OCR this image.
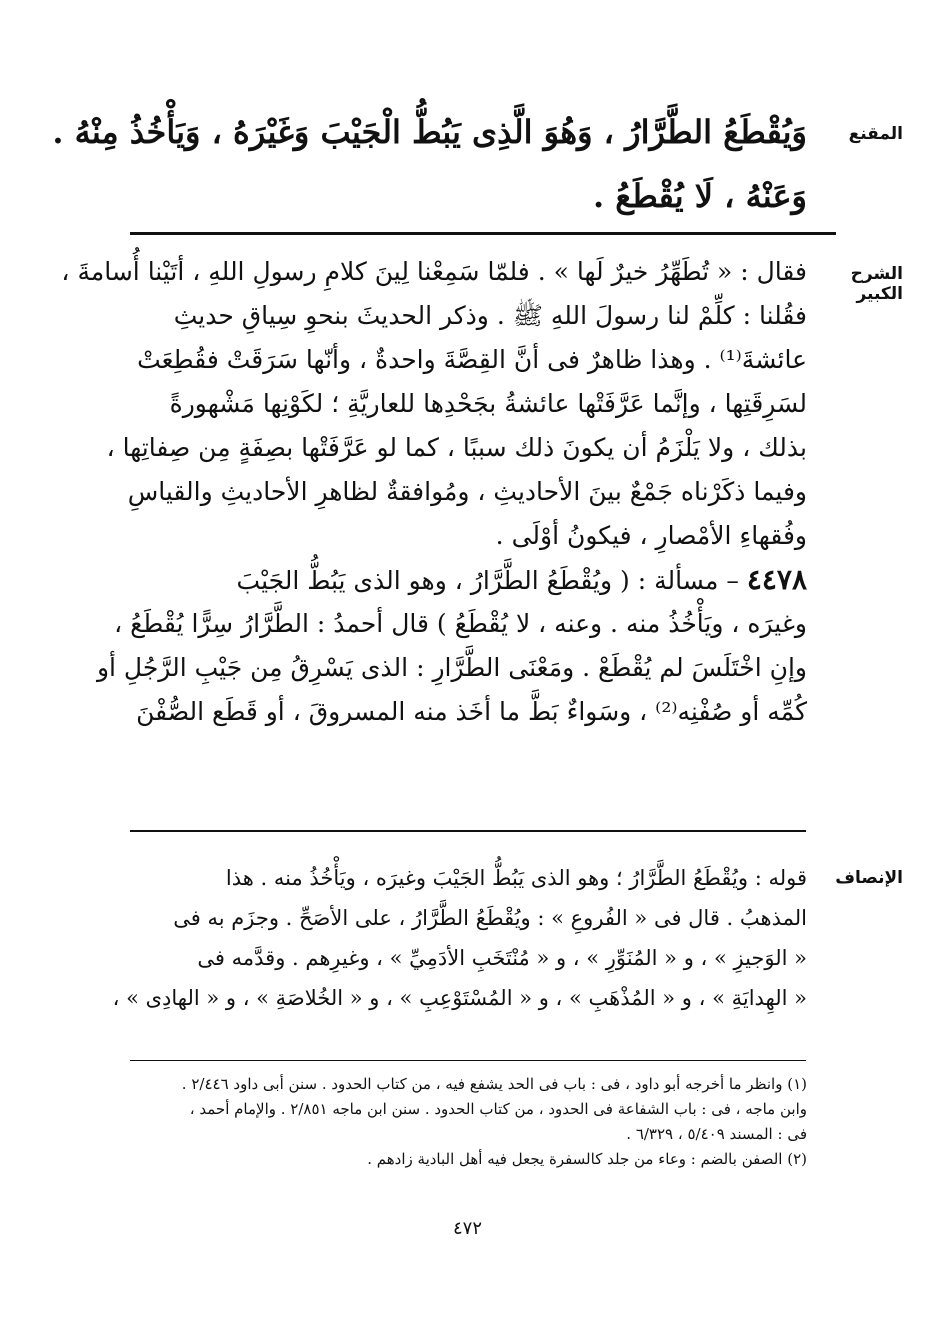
المقنع
وَيُقْطَعُ الطَّرَّارُ ، وَهُوَ الَّذِى يَبُطُّ الْجَيْبَ وَغَيْرَهُ ، وَيَأْخُذُ مِنْهُ .
وَعَنْهُ ، لَا يُقْطَعُ .
الشرح الكبير
فقال : « تُطَهِّرُ خيرٌ لَها » . فلمّا سَمِعْنا لِينَ كلامِ رسولِ اللهِ ، أتَيْنا أُسامةَ ،
فقُلنا : كلِّمْ لنا رسولَ اللهِ ﷺ . وذكر الحديثَ بنحوِ سِياقِ حديثِ
عائشةَ⁽¹⁾ . وهذا ظاهرٌ فى أنَّ القِصَّةَ واحدةٌ ، وأنّها سَرَقَتْ فقُطِعَتْ
لسَرِقَتِها ، وإنَّما عَرَّفَتْها عائشةُ بجَحْدِها للعاريَّةِ ؛ لكَوْنِها مَشْهورةً
بذلك ، ولا يَلْزَمُ أن يكونَ ذلك سببًا ، كما لو عَرَّفَتْها بصِفَةٍ مِن صِفاتِها ،
وفيما ذكَرْناه جَمْعٌ بينَ الأحاديثِ ، ومُوافقةٌ لظاهرِ الأحاديثِ والقياسِ
وفُقهاءِ الأمْصارِ ، فيكونُ أوْلَى .
٤٤٧٨ – مسألة : ( ويُقْطَعُ الطَّرَّارُ ، وهو الذى يَبُطُّ الجَيْبَ
وغيرَه ، ويَأْخُذُ منه . وعنه ، لا يُقْطَعُ ) قال أحمدُ : الطَّرَّارُ سِرًّا يُقْطَعُ ،
وإنِ اخْتَلَسَ لم يُقْطَعْ . ومَعْنَى الطَّرَّارِ : الذى يَسْرِقُ مِن جَيْبِ الرَّجُلِ أو
كُمِّه أو صُفْنِه⁽²⁾ ، وسَواءٌ بَطَّ ما أخَذ منه المسروقَ ، أو قَطَع الصُّفْنَ
الإنصاف
قوله : ويُقْطَعُ الطَّرَّارُ ؛ وهو الذى يَبُطُّ الجَيْبَ وغيرَه ، ويَأْخُذُ منه . هذا
المذهبُ . قال فى « الفُروعِ » : ويُقْطَعُ الطَّرَّارُ ، على الأصَحِّ . وجزَم به فى
« الوَجيزِ » ، و « المُنَوِّرِ » ، و « مُنْتَخَبِ الأدَمِيِّ » ، وغيرِهم . وقدَّمه فى
« الهِدايَةِ » ، و « المُذْهَبِ » ، و « المُسْتَوْعِبِ » ، و « الخُلاصَةِ » ، و « الهادِى » ،
(١) وانظر ما أخرجه أبو داود ، فى : باب فى الحد يشفع فيه ، من كتاب الحدود . سنن أبى داود ٢/٤٤٦ .
وابن ماجه ، فى : باب الشفاعة فى الحدود ، من كتاب الحدود . سنن ابن ماجه ٢/٨٥١ . والإمام أحمد ،
فى : المسند ٥/٤٠٩ ، ٦/٣٢٩ .
(٢) الصفن بالضم : وعاء من جلد كالسفرة يجعل فيه أهل البادية زادهم .
٤٧٢
